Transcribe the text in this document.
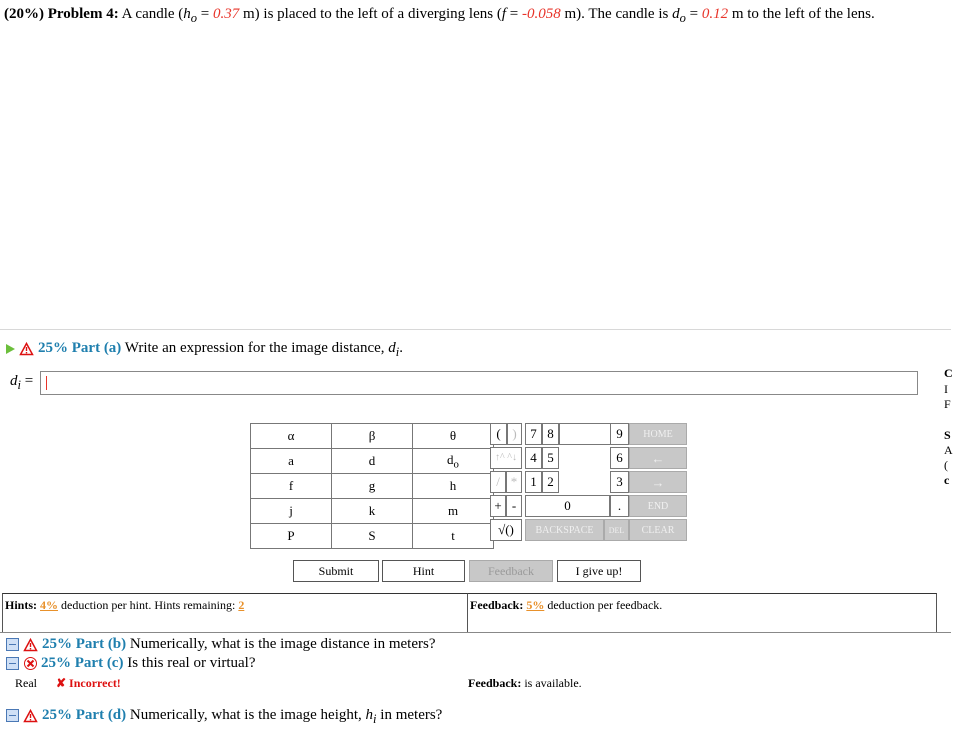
(20%) Problem 4: A candle ($h_o = 0.37$ m) is placed to the left of a diverging lens (f = -0.058 m). The candle is $d_o = 0.12$ m to the left of the lens.
25% Part (a) Write an expression for the image distance, $d_i$.
$d_i$ =
α	β	θ
a	d	$d_o$
f	g	h
j	k	m
P	S	t
( )	7 8	9	HOME
↑^ ^↓	4 5	6	←
/ *	1 2	3	→
+ -	0	.	END
√()	BACKSPACE	DEL	CLEAR
Submit	Hint	Feedback	I give up!
Hints: 4% deduction per hint. Hints remaining: 2	Feedback: 5% deduction per feedback.
25% Part (b) Numerically, what is the image distance in meters?
25% Part (c) Is this real or virtual?
Real ✘ Incorrect!	Feedback: is available.
25% Part (d) Numerically, what is the image height, $h_i$ in meters?
C
I
F
S
A
(
c
